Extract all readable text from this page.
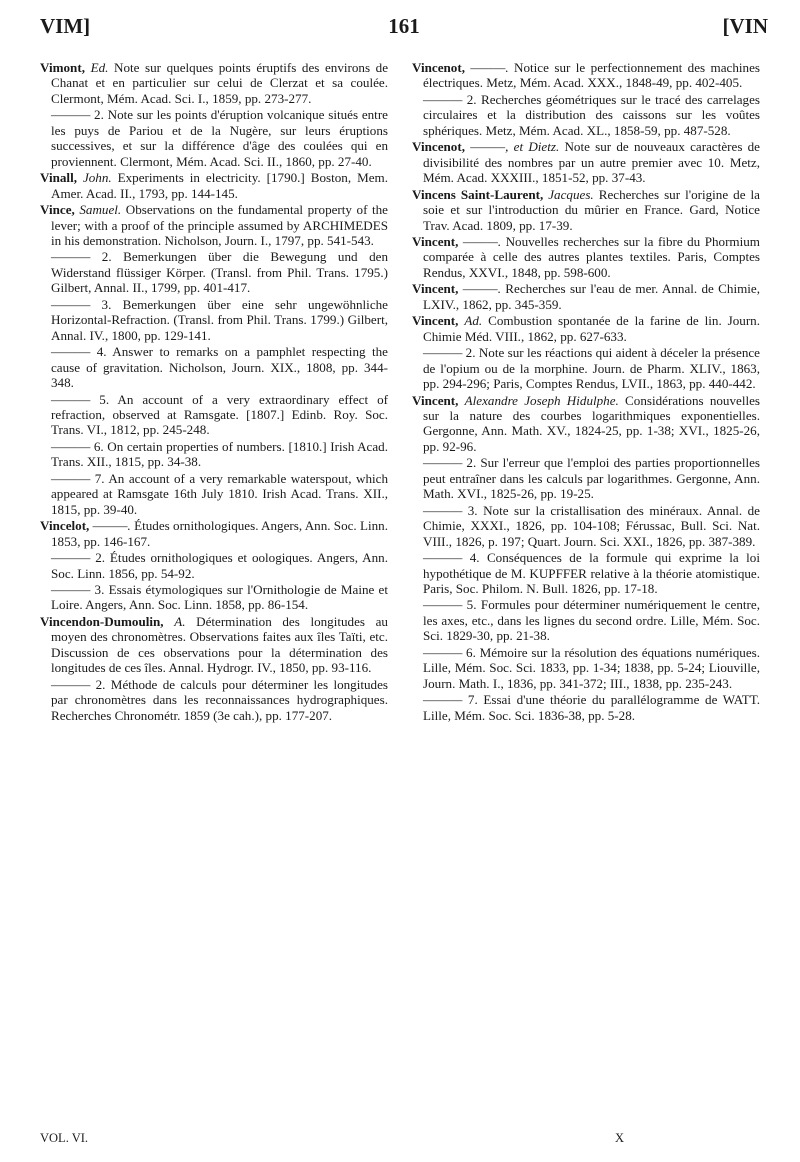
VIM]	161	[VIN

Vimont, Ed. Note sur quelques points éruptifs des environs de Chanat et en particulier sur celui de Clerzat et sa coulée. Clermont, Mém. Acad. Sci. I., 1859, pp. 273-277.

——— 2. Note sur les points d'éruption volcanique situés entre les puys de Pariou et de la Nugère, sur leurs éruptions successives, et sur la différence d'âge des coulées qui en proviennent. Clermont, Mém. Acad. Sci. II., 1860, pp. 27-40.

Vinall, John. Experiments in electricity. [1790.] Boston, Mem. Amer. Acad. II., 1793, pp. 144-145.

Vince, Samuel. Observations on the fundamental property of the lever; with a proof of the principle assumed by ARCHIMEDES in his demonstration. Nicholson, Journ. I., 1797, pp. 541-543.

——— 2. Bemerkungen über die Bewegung und den Widerstand flüssiger Körper. (Transl. from Phil. Trans. 1795.) Gilbert, Annal. II., 1799, pp. 401-417.

——— 3. Bemerkungen über eine sehr ungewöhnliche Horizontal-Refraction. (Transl. from Phil. Trans. 1799.) Gilbert, Annal. IV., 1800, pp. 129-141.

——— 4. Answer to remarks on a pamphlet respecting the cause of gravitation. Nicholson, Journ. XIX., 1808, pp. 344-348.

——— 5. An account of a very extraordinary effect of refraction, observed at Ramsgate. [1807.] Edinb. Roy. Soc. Trans. VI., 1812, pp. 245-248.

——— 6. On certain properties of numbers. [1810.] Irish Acad. Trans. XII., 1815, pp. 34-38.

——— 7. An account of a very remarkable waterspout, which appeared at Ramsgate 16th July 1810. Irish Acad. Trans. XII., 1815, pp. 39-40.

Vincelot, ———. Études ornithologiques. Angers, Ann. Soc. Linn. 1853, pp. 146-167.

——— 2. Études ornithologiques et oologiques. Angers, Ann. Soc. Linn. 1856, pp. 54-92.

——— 3. Essais étymologiques sur l'Ornithologie de Maine et Loire. Angers, Ann. Soc. Linn. 1858, pp. 86-154.

Vincendon-Dumoulin, A. Détermination des longitudes au moyen des chronomètres. Observations faites aux îles Taïti, etc. Discussion de ces observations pour la détermination des longitudes de ces îles. Annal. Hydrogr. IV., 1850, pp. 93-116.

——— 2. Méthode de calculs pour déterminer les longitudes par chronomètres dans les reconnaissances hydrographiques. Recherches Chronométr. 1859 (3e cah.), pp. 177-207.

Vincenot, ———. Notice sur le perfectionnement des machines électriques. Metz, Mém. Acad. XXX., 1848-49, pp. 402-405.

——— 2. Recherches géométriques sur le tracé des carrelages circulaires et la distribution des caissons sur les voûtes sphériques. Metz, Mém. Acad. XL., 1858-59, pp. 487-528.

Vincenot, ———, et Dietz. Note sur de nouveaux caractères de divisibilité des nombres par un autre premier avec 10. Metz, Mém. Acad. XXXIII., 1851-52, pp. 37-43.

Vincens Saint-Laurent, Jacques. Recherches sur l'origine de la soie et sur l'introduction du mûrier en France. Gard, Notice Trav. Acad. 1809, pp. 17-39.

Vincent, ———. Nouvelles recherches sur la fibre du Phormium comparée à celle des autres plantes textiles. Paris, Comptes Rendus, XXVI., 1848, pp. 598-600.

Vincent, ———. Recherches sur l'eau de mer. Annal. de Chimie, LXIV., 1862, pp. 345-359.

Vincent, Ad. Combustion spontanée de la farine de lin. Journ. Chimie Méd. VIII., 1862, pp. 627-633.

——— 2. Note sur les réactions qui aident à déceler la présence de l'opium ou de la morphine. Journ. de Pharm. XLIV., 1863, pp. 294-296; Paris, Comptes Rendus, LVII., 1863, pp. 440-442.

Vincent, Alexandre Joseph Hidulphe. Considérations nouvelles sur la nature des courbes logarithmiques exponentielles. Gergonne, Ann. Math. XV., 1824-25, pp. 1-38; XVI., 1825-26, pp. 92-96.

——— 2. Sur l'erreur que l'emploi des parties proportionnelles peut entraîner dans les calculs par logarithmes. Gergonne, Ann. Math. XVI., 1825-26, pp. 19-25.

——— 3. Note sur la cristallisation des minéraux. Annal. de Chimie, XXXI., 1826, pp. 104-108; Férussac, Bull. Sci. Nat. VIII., 1826, p. 197; Quart. Journ. Sci. XXI., 1826, pp. 387-389.

——— 4. Conséquences de la formule qui exprime la loi hypothétique de M. KUPFFER relative à la théorie atomistique. Paris, Soc. Philom. N. Bull. 1826, pp. 17-18.

——— 5. Formules pour déterminer numériquement le centre, les axes, etc., dans les lignes du second ordre. Lille, Mém. Soc. Sci. 1829-30, pp. 21-38.

——— 6. Mémoire sur la résolution des équations numériques. Lille, Mém. Soc. Sci. 1833, pp. 1-34; 1838, pp. 5-24; Liouville, Journ. Math. I., 1836, pp. 341-372; III., 1838, pp. 235-243.

——— 7. Essai d'une théorie du parallélogramme de WATT. Lille, Mém. Soc. Sci. 1836-38, pp. 5-28.

VOL. VI.	X
